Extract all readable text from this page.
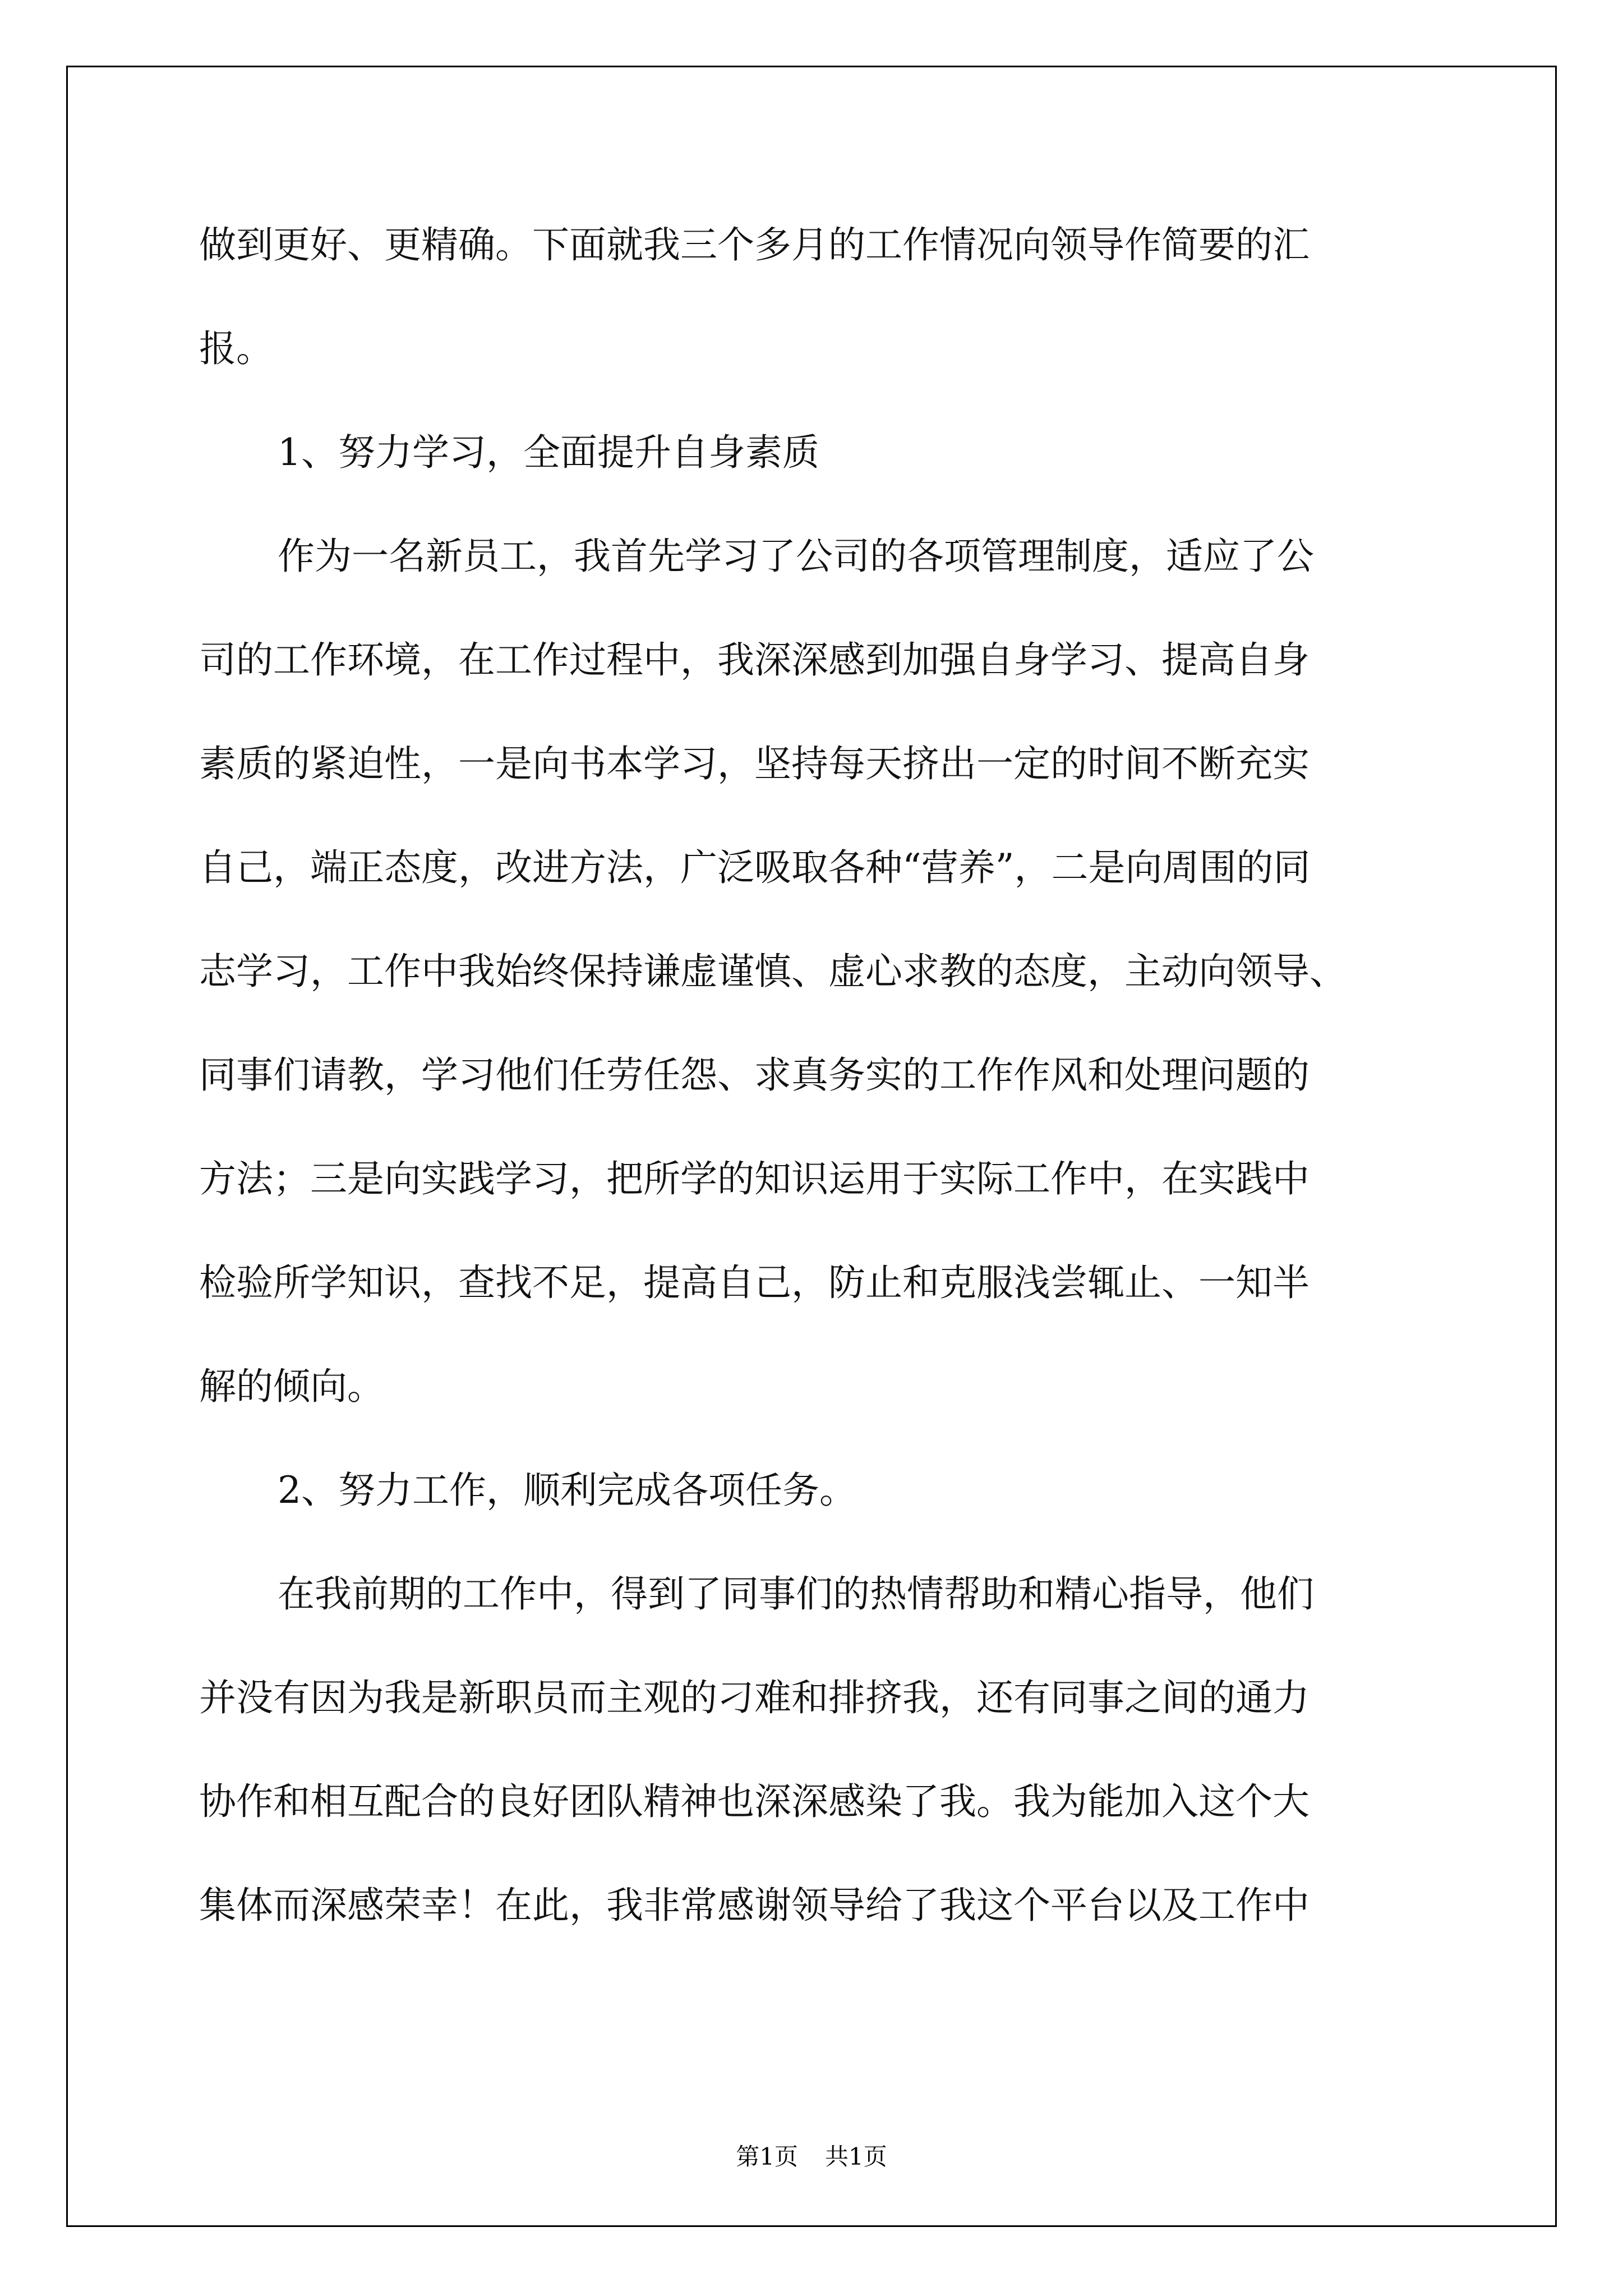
做到更好、更精确。下面就我三个多月的工作情况向领导作简要的汇
报。
1、努力学习，全面提升自身素质
作为一名新员工，我首先学习了公司的各项管理制度，适应了公
司的工作环境，在工作过程中，我深深感到加强自身学习、提高自身
素质的紧迫性，一是向书本学习，坚持每天挤出一定的时间不断充实
自己，端正态度，改进方法，广泛吸取各种“营养”，二是向周围的同
志学习，工作中我始终保持谦虚谨慎、虚心求教的态度，主动向领导、
同事们请教，学习他们任劳任怨、求真务实的工作作风和处理问题的
方法；三是向实践学习，把所学的知识运用于实际工作中，在实践中
检验所学知识，查找不足，提高自己，防止和克服浅尝辄止、一知半
解的倾向。
2、努力工作，顺利完成各项任务。
在我前期的工作中，得到了同事们的热情帮助和精心指导，他们
并没有因为我是新职员而主观的刁难和排挤我，还有同事之间的通力
协作和相互配合的良好团队精神也深深感染了我。我为能加入这个大
集体而深感荣幸！在此，我非常感谢领导给了我这个平台以及工作中
第1页 共1页
